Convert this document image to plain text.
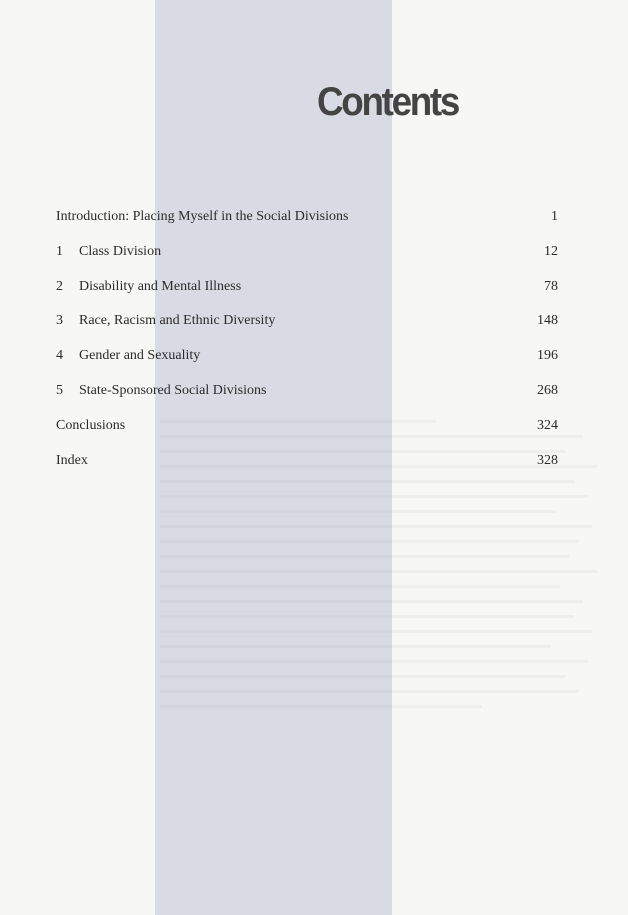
Contents
Introduction: Placing Myself in the Social Divisions	1
1 Class Division	12
2 Disability and Mental Illness	78
3 Race, Racism and Ethnic Diversity	148
4 Gender and Sexuality	196
5 State-Sponsored Social Divisions	268
Conclusions	324
Index	328
